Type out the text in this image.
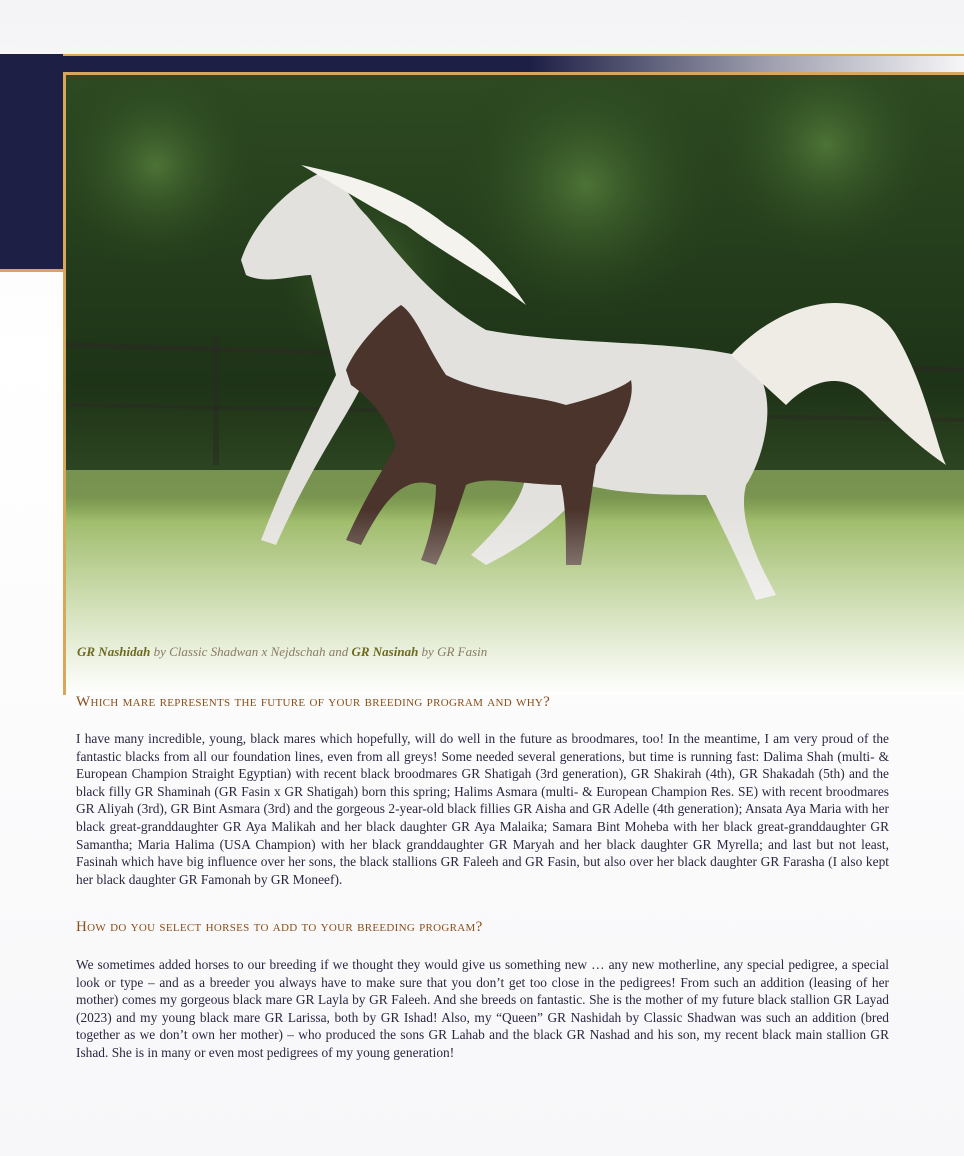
GR Nashidah by Classic Shadwan x Nejdschah and GR Nasinah by GR Fasin
Which mare represents the future of your breeding program and why?
I have many incredible, young, black mares which hopefully, will do well in the future as broodmares, too! In the meantime, I am very proud of the fantastic blacks from all our foundation lines, even from all greys! Some needed several generations, but time is running fast: Dalima Shah (multi- & European Champion Straight Egyptian) with recent black broodmares GR Shatigah (3rd generation), GR Shakirah (4th), GR Shakadah (5th) and the black filly GR Shaminah (GR Fasin x GR Shatigah) born this spring; Halims Asmara (multi- & European Champion Res. SE) with recent broodmares GR Aliyah (3rd), GR Bint Asmara (3rd) and the gorgeous 2-year-old black fillies GR Aisha and GR Adelle (4th generation); Ansata Aya Maria with her black great-granddaughter GR Aya Malikah and her black daughter GR Aya Malaika; Samara Bint Moheba with her black great-granddaughter GR Samantha; Maria Halima (USA Champion) with her black granddaughter GR Maryah and her black daughter GR Myrella; and last but not least, Fasinah which have big influence over her sons, the black stallions GR Faleeh and GR Fasin, but also over her black daughter GR Farasha (I also kept her black daughter GR Famonah by GR Moneef).
How do you select horses to add to your breeding program?
We sometimes added horses to our breeding if we thought they would give us something new … any new motherline, any special pedigree, a special look or type – and as a breeder you always have to make sure that you don’t get too close in the pedigrees! From such an addition (leasing of her mother) comes my gorgeous black mare GR Layla by GR Faleeh. And she breeds on fantastic. She is the mother of my future black stallion GR Layad (2023) and my young black mare GR Larissa, both by GR Ishad! Also, my “Queen” GR Nashidah by Classic Shadwan was such an addition (bred together as we don’t own her mother) – who produced the sons GR Lahab and the black GR Nashad and his son, my recent black main stallion GR Ishad. She is in many or even most pedigrees of my young generation!
